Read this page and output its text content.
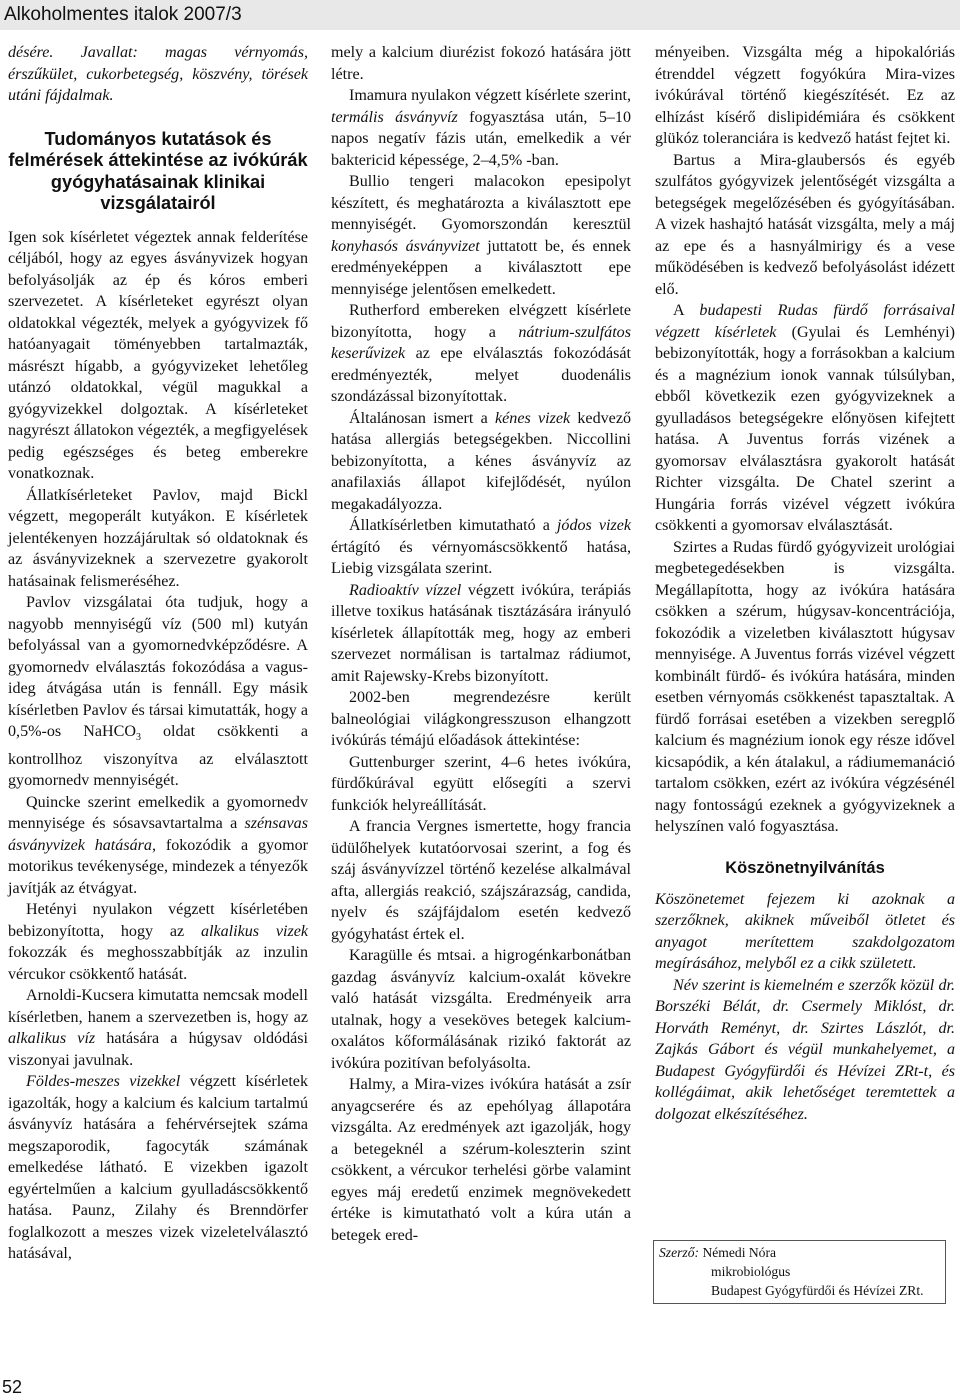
Alkoholmentes italok 2007/3

désére. Javallat: magas vérnyomás, érszűkület, cukorbetegség, köszvény, törések utáni fájdalmak.

Tudományos kutatások és felmérések áttekintése az ivókúrák gyógyhatásainak klinikai vizsgálatairól

Igen sok kísérletet végeztek annak felderítése céljából, hogy az egyes ásványvizek hogyan befolyásolják az ép és kóros emberi szervezetet. A kísérleteket egyrészt olyan oldatokkal végezték, melyek a gyógyvizek fő hatóanyagait töményebben tartalmazták, másrészt hígabb, a gyógyvizeket lehetőleg utánzó oldatokkal, végül magukkal a gyógyvizekkel dolgoztak. A kísérleteket nagyrészt állatokon végezték, a megfigyelések pedig egészséges és beteg emberekre vonatkoznak.

Állatkísérleteket Pavlov, majd Bickl végzett, megoperált kutyákon. E kísérletek jelentékenyen hozzájárultak só oldatoknak és az ásványvizeknek a szervezetre gyakorolt hatásainak felismeréséhez.

Pavlov vizsgálatai óta tudjuk, hogy a nagyobb mennyiségű víz (500 ml) kutyán befolyással van a gyomornedvképződésre. A gyomornedv elválasztás fokozódása a vagus-ideg átvágása után is fennáll. Egy másik kísérletben Pavlov és társai kimutatták, hogy a 0,5%-os NaHCO$_3$ oldat csökkenti a kontrollhoz viszonyítva az elválasztott gyomornedv mennyiségét.

Quincke szerint emelkedik a gyomornedv mennyisége és sósavsavtartalma a szénsavas ásványvizek hatására, fokozódik a gyomor motorikus tevékenysége, mindezek a tényezők javítják az étvágyat.

Hetényi nyulakon végzett kísérletében bebizonyította, hogy az alkalikus vizek fokozzák és meghosszabbítják az inzulin vércukor csökkentő hatását.

Arnoldi-Kucsera kimutatta nemcsak modell kísérletben, hanem a szervezetben is, hogy az alkalikus víz hatására a húgysav oldódási viszonyai javulnak.

Földes-meszes vizekkel végzett kísérletek igazolták, hogy a kalcium és kalcium tartalmú ásványvíz hatására a fehérvérsejtek száma megszaporodik, fagocyták számának emelkedése látható. E vizekben igazolt egyértelműen a kalcium gyulladáscsökkentő hatása. Paunz, Zilahy és Brenndörfer foglalkozott a meszes vizek vizeletelválasztó hatásával,

mely a kalcium diurézist fokozó hatására jött létre.

Imamura nyulakon végzett kísérlete szerint, termális ásványvíz fogyasztása után, 5–10 napos negatív fázis után, emelkedik a vér baktericid képessége, 2–4,5% -ban.

Bullio tengeri malacokon epesipolyt készített, és meghatározta a kiválasztott epe mennyiségét. Gyomorszondán keresztül konyhasós ásványvizet juttatott be, és ennek eredményeképpen a kiválasztott epe mennyisége jelentősen emelkedett.

Rutherford embereken elvégzett kísérlete bizonyította, hogy a nátrium-szulfátos keserűvizek az epe elválasztás fokozódását eredményezték, melyet duodenális szondázással bizonyítottak.

Általánosan ismert a kénes vizek kedvező hatása allergiás betegségekben. Niccollini bebizonyította, a kénes ásványvíz az anafilaxiás állapot kifejlődését, nyúlon megakadályozza.

Állatkísérletben kimutatható a jódos vizek értágító és vérnyomáscsökkentő hatása, Liebig vizsgálata szerint.

Radioaktív vízzel végzett ivókúra, terápiás illetve toxikus hatásának tisztázására irányuló kísérletek állapították meg, hogy az emberi szervezet normálisan is tartalmaz rádiumot, amit Rajewsky-Krebs bizonyított.

2002-ben megrendezésre került balneológiai világkongresszuson elhangzott ivókúrás témájú előadások áttekintése:

Guttenburger szerint, 4–6 hetes ivókúra, fürdőkúrával együtt elősegíti a szervi funkciók helyreállítását.

A francia Vergnes ismertette, hogy francia üdülőhelyek kutatóorvosai szerint, a fog és száj ásványvízzel történő kezelése alkalmával afta, allergiás reakció, szájszárazság, candida, nyelv és szájfájdalom esetén kedvező gyógyhatást értek el.

Karagülle és mtsai. a higrogénkarbonátban gazdag ásványvíz kalcium-oxalát kövekre való hatását vizsgálta. Eredményeik arra utalnak, hogy a veseköves betegek kalcium-oxalátos kőformálásának rizikó faktorát az ivókúra pozitívan befolyásolta.

Halmy, a Mira-vizes ivókúra hatását a zsír anyagcserére és az epehólyag állapotára vizsgálta. Az eredmények azt igazolják, hogy a betegeknél a szérum-koleszterin szint csökkent, a vércukor terhelési görbe valamint egyes máj eredetű enzimek megnövekedett értéke is kimutatható volt a kúra után a betegek ered-

ményeiben. Vizsgálta még a hipokalóriás étrenddel végzett fogyókúra Mira-vizes ivókúrával történő kiegészítését. Ez az elhízást kísérő dislipidémiára és csökkent glükóz toleranciára is kedvező hatást fejtet ki.

Bartus a Mira-glaubersós és egyéb szulfátos gyógyvizek jelentőségét vizsgálta a betegségek megelőzésében és gyógyításában. A vizek hashajtó hatását vizsgálta, mely a máj az epe és a hasnyálmirigy és a vese működésében is kedvező befolyásolást idézett elő.

A budapesti Rudas fürdő forrásaival végzett kísérletek (Gyulai és Lemhényi) bebizonyították, hogy a forrásokban a kalcium és a magnézium ionok vannak túlsúlyban, ebből következik ezen gyógyvizeknek a gyulladásos betegségekre előnyösen kifejtett hatása. A Juventus forrás vizének a gyomorsav elválasztásra gyakorolt hatását Richter vizsgálta. De Chatel szerint a Hungária forrás vizével végzett ivókúra csökkenti a gyomorsav elválasztását.

Szirtes a Rudas fürdő gyógyvizeit urológiai megbetegedésekben is vizsgálta. Megállapította, hogy az ivókúra hatására csökken a szérum, húgysav-koncentrációja, fokozódik a vizeletben kiválasztott húgysav mennyisége. A Juventus forrás vizével végzett kombinált fürdő- és ivókúra hatására, minden esetben vérnyomás csökkenést tapasztaltak. A fürdő forrásai esetében a vizekben seregplő kalcium és magnézium ionok egy része idővel kicsapódik, a kén átalakul, a rádiumemanáció tartalom csökken, ezért az ivókúra végzésénél nagy fontosságú ezeknek a gyógyvizeknek a helyszínen való fogyasztása.

Köszönetnyilvánítás

Köszönetemet fejezem ki azoknak a szerzőknek, akiknek műveiből ötletet és anyagot merítettem szakdolgozatom megírásához, melyből ez a cikk született.

Név szerint is kiemelném e szerzők közül dr. Borszéki Bélát, dr. Csermely Miklóst, dr. Horváth Reményt, dr. Szirtes Lászlót, dr. Zajkás Gábort és végül munkahelyemet, a Budapest Gyógyfürdői és Hévízei ZRt-t, és kollégáimat, akik lehetőséget teremtettek a dolgozat elkészítéséhez.

Szerző: Némedi Nóra
mikrobiológus
Budapest Gyógyfürdői és Hévízei ZRt.
52
